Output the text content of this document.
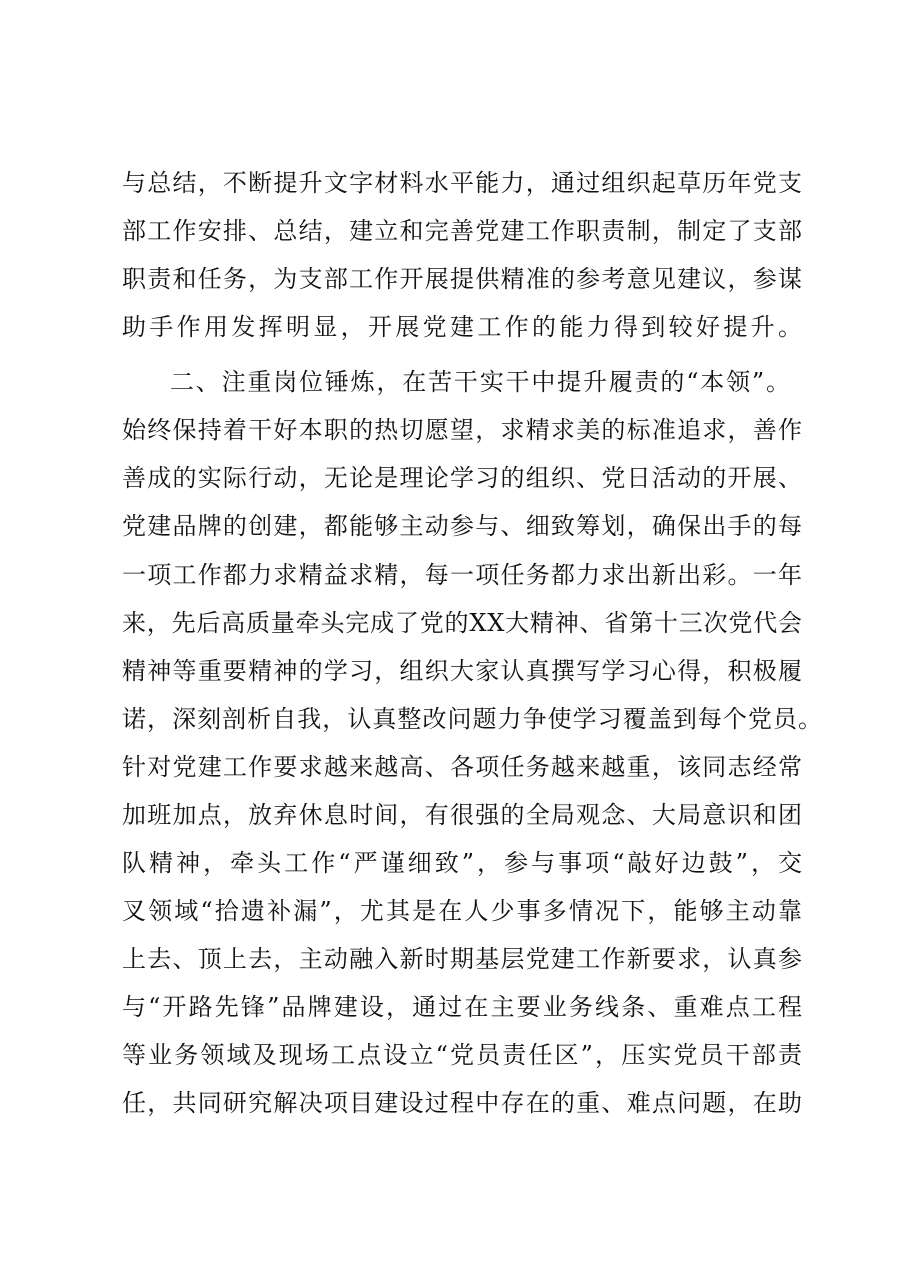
与总结，不断提升文字材料水平能力，通过组织起草历年党支
部工作安排、总结，建立和完善党建工作职责制，制定了支部
职责和任务，为支部工作开展提供精准的参考意见建议，参谋
助手作用发挥明显，开展党建工作的能力得到较好提升。
二、注重岗位锤炼，在苦干实干中提升履责的“本领”。
始终保持着干好本职的热切愿望，求精求美的标准追求，善作
善成的实际行动，无论是理论学习的组织、党日活动的开展、
党建品牌的创建，都能够主动参与、细致筹划，确保出手的每
一项工作都力求精益求精，每一项任务都力求出新出彩。一年
来，先后高质量牵头完成了党的XX大精神、省第十三次党代会
精神等重要精神的学习，组织大家认真撰写学习心得，积极履
诺，深刻剖析自我，认真整改问题力争使学习覆盖到每个党员。
针对党建工作要求越来越高、各项任务越来越重，该同志经常
加班加点，放弃休息时间，有很强的全局观念、大局意识和团
队精神，牵头工作“严谨细致”，参与事项“敲好边鼓”，交
叉领域“拾遗补漏”，尤其是在人少事多情况下，能够主动靠
上去、顶上去，主动融入新时期基层党建工作新要求，认真参
与“开路先锋”品牌建设，通过在主要业务线条、重难点工程
等业务领域及现场工点设立“党员责任区”，压实党员干部责
任，共同研究解决项目建设过程中存在的重、难点问题，在助
